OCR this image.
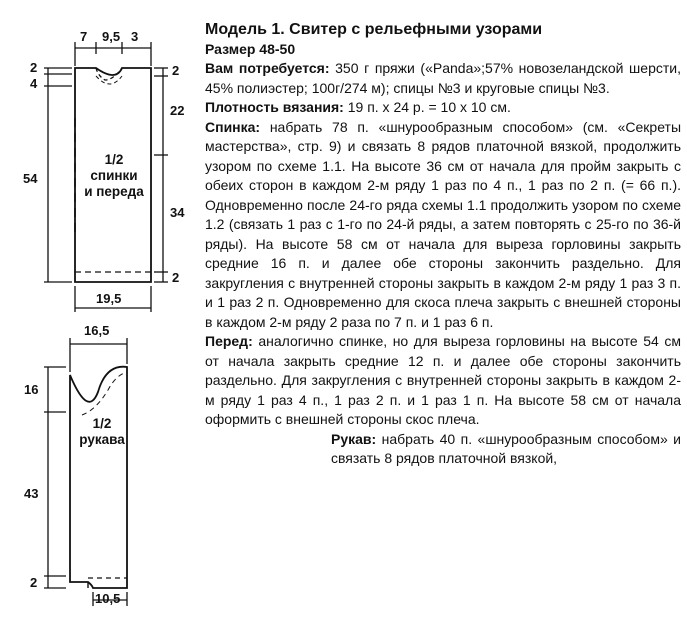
7 9,5 3
2
4
54
2
22
34
2
19,5
1/2
спинки
и переда
16,5
16
43
2
10,5
1/2
рукава
Модель 1. Свитер с рельефными узорами
Размер 48-50

Вам потребуется: 350 г пряжи («Panda»;57% новозеландской шерсти, 45% полиэстер; 100г/274 м); спицы №3 и круговые спицы №3.

Плотность вязания: 19 п. х 24 р. = 10 х 10 см.

Спинка: набрать 78 п. «шнурообразным способом» (см. «Секреты мастерства», стр. 9) и связать 8 рядов платочной вязкой, продолжить узором по схеме 1.1. На высоте 36 см от начала для пройм закрыть с обеих сторон в каждом 2-м ряду 1 раз по 4 п., 1 раз по 2 п. (= 66 п.). Одновременно после 24-го ряда схемы 1.1 продолжить узором по схеме 1.2 (связать 1 раз с 1-го по 24-й ряды, а затем повторять с 25-го по 36-й ряды). На высоте 58 см от начала для выреза горловины закрыть средние 16 п. и далее обе стороны закончить раздельно. Для закругления с внутренней стороны закрыть в каждом 2-м ряду 1 раз 3 п. и 1 раз 2 п. Одновременно для скоса плеча закрыть с внешней стороны в каждом 2-м ряду 2 раза по 7 п. и 1 раз 6 п.

Перед: аналогично спинке, но для выреза горловины на высоте 54 см от начала закрыть средние 12 п. и далее обе стороны закончить раздельно. Для закругления с внутренней стороны закрыть в каждом 2-м ряду 1 раз 4 п., 1 раз 2 п. и 1 раз 1 п. На высоте 58 см от начала оформить с внешней стороны скос плеча.

Рукав: набрать 40 п. «шнурообразным способом» и связать 8 рядов платочной вязкой,
